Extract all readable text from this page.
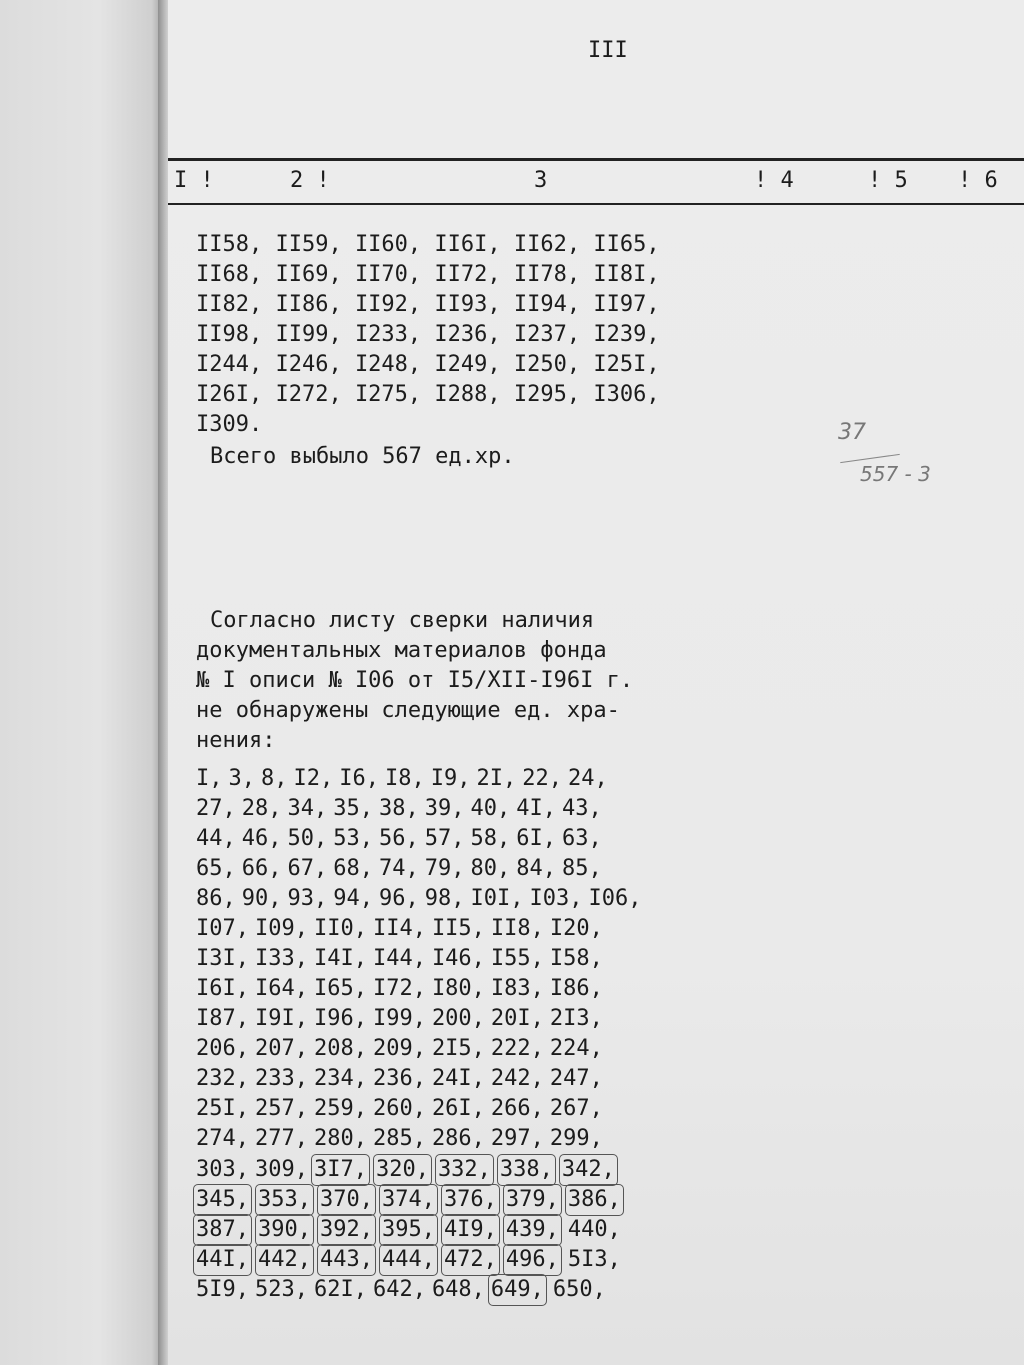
III
I !	2 !	3	! 4	! 5 ! 6
II58, II59, II60, II6I, II62, II65,
II68, II69, II70, II72, II78, II8I,
II82, II86, II92, II93, II94, II97,
II98, II99, I233, I236, I237, I239,
I244, I246, I248, I249, I250, I25I,
I26I, I272, I275, I288, I295, I306,
I309.
Всего выбыло 567 ед.хр.
Согласно листу сверки наличия
документальных материалов фонда
№ I описи № I06 от I5/XII-I96I г.
не обнаружены следующие ед. хра-
нения:
I, 3, 8, I2, I6, I8, I9, 2I, 22, 24,
27, 28, 34, 35, 38, 39, 40, 4I, 43,
44, 46, 50, 53, 56, 57, 58, 6I, 63,
65, 66, 67, 68, 74, 79, 80, 84, 85,
86, 90, 93, 94, 96, 98, I0I, I03, I06,
I07, I09, II0, II4, II5, II8, I20,
I3I, I33, I4I, I44, I46, I55, I58,
I6I, I64, I65, I72, I80, I83, I86,
I87, I9I, I96, I99, 200, 20I, 2I3,
206, 207, 208, 209, 2I5, 222, 224,
232, 233, 234, 236, 24I, 242, 247,
25I, 257, 259, 260, 26I, 266, 267,
274, 277, 280, 285, 286, 297, 299,
303, 309, 3I7, 320, 332, 338, 342,
345, 353, 370, 374, 376, 379, 386,
387, 390, 392, 395, 4I9, 439, 440,
44I, 442, 443, 444, 472, 496, 5I3,
5I9, 523, 62I, 642, 648, 649, 650,
37
557 - 3
